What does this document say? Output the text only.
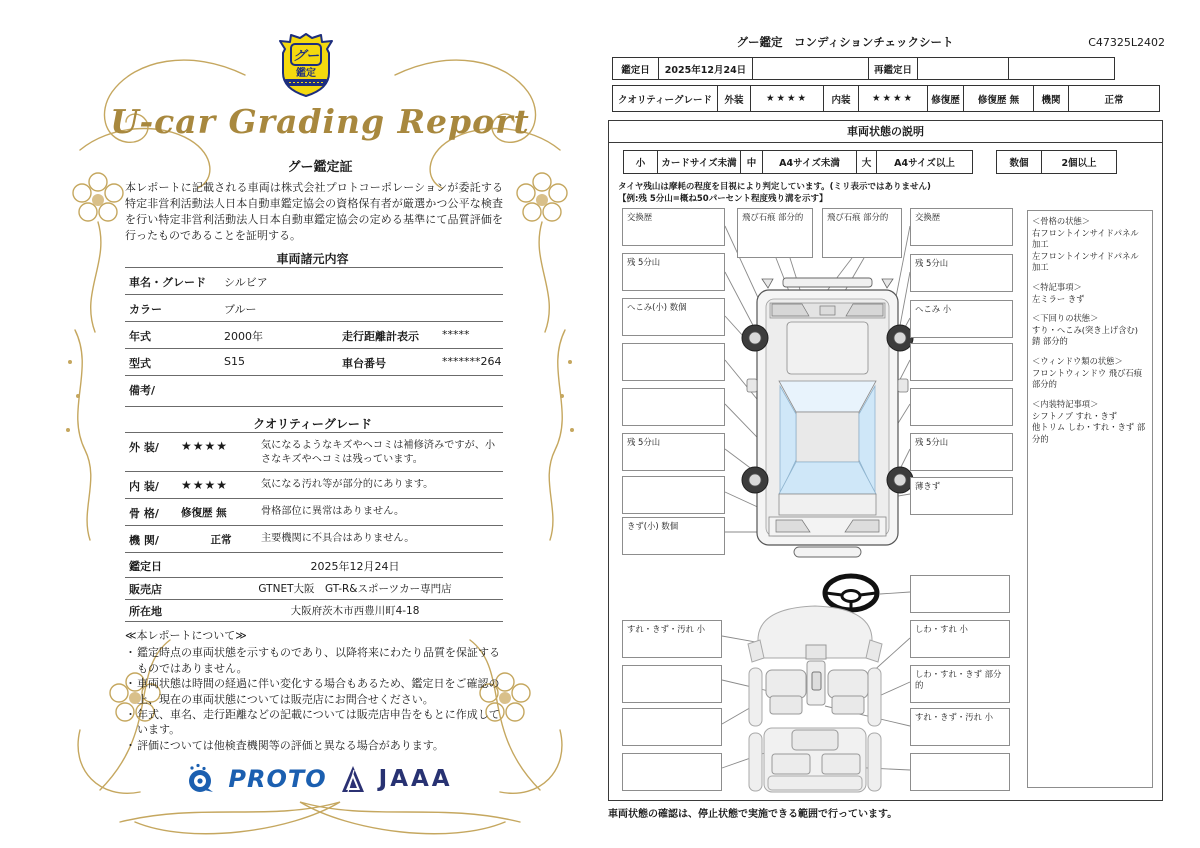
グー
鑑定
U-car Grading Report
グー鑑定証
本レポートに記載される車両は株式会社プロトコーポレーションが委託する特定非営利活動法人日本自動車鑑定協会の資格保有者が厳選かつ公平な検査を行い特定非営利活動法人日本自動車鑑定協会の定める基準にて品質評価を行ったものであることを証明する。
車両諸元内容
車名・グレード	シルビア
カラー	ブルー
年式	2000年	走行距離計表示	*****
型式	S15	車台番号	*******264
備考/
クオリティーグレード
外 装/	★★★★	気になるようなキズやヘコミは補修済みですが、小さなキズやヘコミは残っています。
内 装/	★★★★	気になる汚れ等が部分的にあります。
骨 格/	修復歴 無	骨格部位に異常はありません。
機 関/	正常	主要機関に不具合はありません。
鑑定日	2025年12月24日
販売店	GTNET大阪　GT-R&スポーツカー専門店
所在地	大阪府茨木市西豊川町4-18
≪本レポートについて≫
・ 鑑定時点の車両状態を示すものであり、以降将来にわたり品質を保証するものではありません。
・ 車両状態は時間の経過に伴い変化する場合もあるため、鑑定日をご確認の上、現在の車両状態については販売店にお問合せください。
・ 年式、車名、走行距離などの記載については販売店申告をもとに作成しています。
・ 評価については他検査機関等の評価と異なる場合があります。
PROTO JAAA
グー鑑定　コンディションチェックシート	C47325L2402
鑑定日	2025年12月24日	再鑑定日
クオリティーグレード	外装	★★★★	内装	★★★★	修復歴	修復歴 無	機関	正常
車両状態の説明
小	カードサイズ未満	中	A4サイズ未満	大	A4サイズ以上	数個	2個以上
タイヤ残山は摩耗の程度を目視により判定しています。(ミリ表示ではありません)
【例:残 5分山=概ね50パーセント程度残り溝を示す】
交換歴
残 5分山
へこみ(小) 数個
残 5分山
きず(小) 数個
飛び石痕 部分的	飛び石痕 部分的	交換歴
残 5分山
へこみ 小
残 5分山
薄きず
＜骨格の状態＞
右フロントインサイドパネル 加工
左フロントインサイドパネル 加工
＜特記事項＞
左ミラー きず
＜下回りの状態＞
すり・へこみ(突き上げ含む)
錆 部分的
＜ウィンドウ類の状態＞
フロントウィンドウ 飛び石痕 部分的
＜内装特記事項＞
シフトノブ すれ・きず
他トリム しわ・すれ・きず 部分的
すれ・きず・汚れ 小	しわ・すれ 小
しわ・すれ・きず 部分的
すれ・きず・汚れ 小
車両状態の確認は、停止状態で実施できる範囲で行っています。
